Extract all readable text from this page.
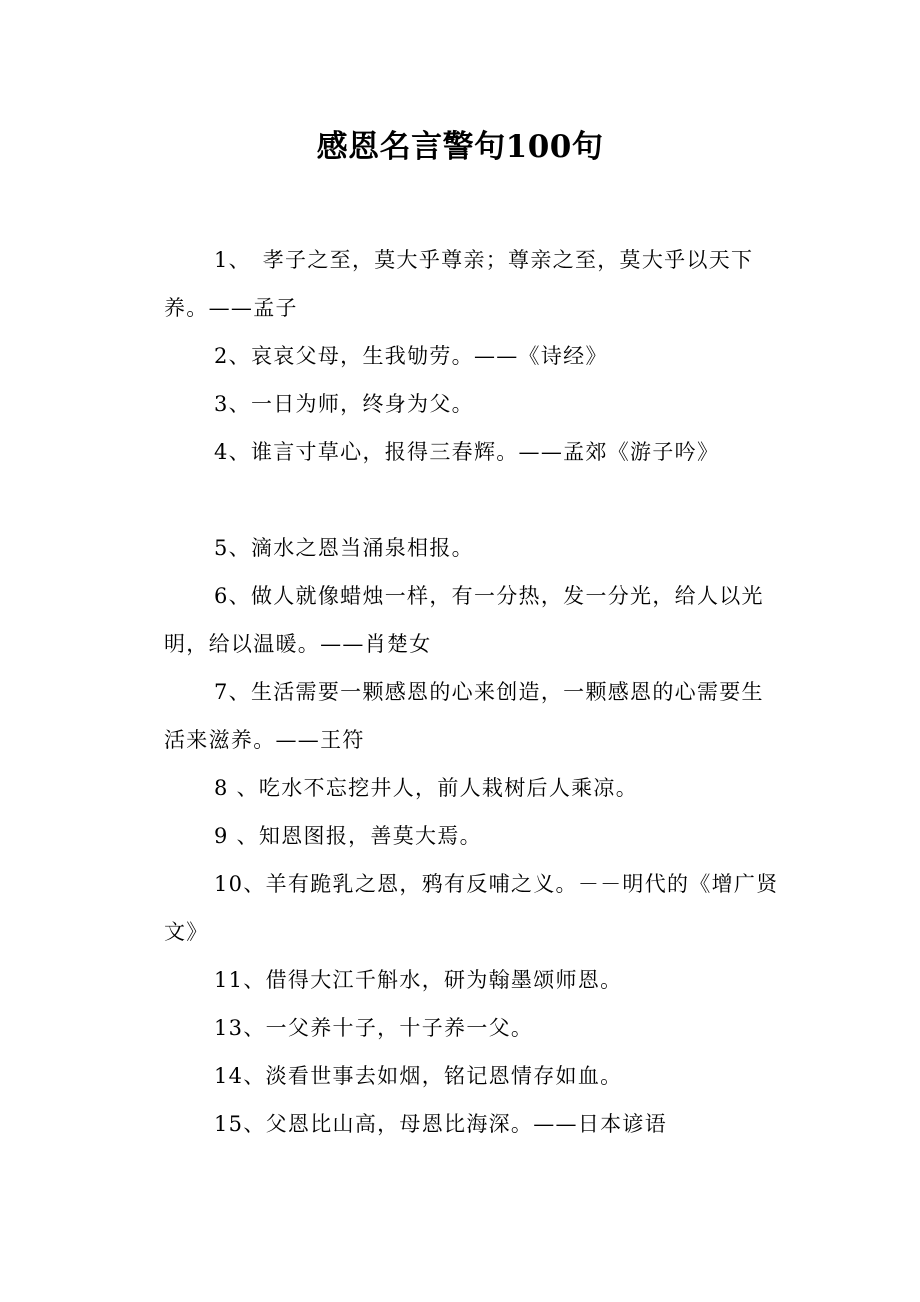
感恩名言警句100句

1、　孝子之至，莫大乎尊亲；尊亲之至，莫大乎以天下养。——孟子

2、哀哀父母，生我劬劳。——《诗经》

3、一日为师，终身为父。

4、谁言寸草心，报得三春辉。——孟郊《游子吟》

5、滴水之恩当涌泉相报。

6、做人就像蜡烛一样，有一分热，发一分光，给人以光明，给以温暖。——肖楚女

7、生活需要一颗感恩的心来创造，一颗感恩的心需要生活来滋养。——王符

8 、吃水不忘挖井人，前人栽树后人乘凉。

9 、知恩图报，善莫大焉。

10、羊有跪乳之恩，鸦有反哺之义。－－明代的《增广贤文》

11、借得大江千斛水，研为翰墨颂师恩。

13、一父养十子，十子养一父。

14、淡看世事去如烟，铭记恩情存如血。

15、父恩比山高，母恩比海深。——日本谚语
